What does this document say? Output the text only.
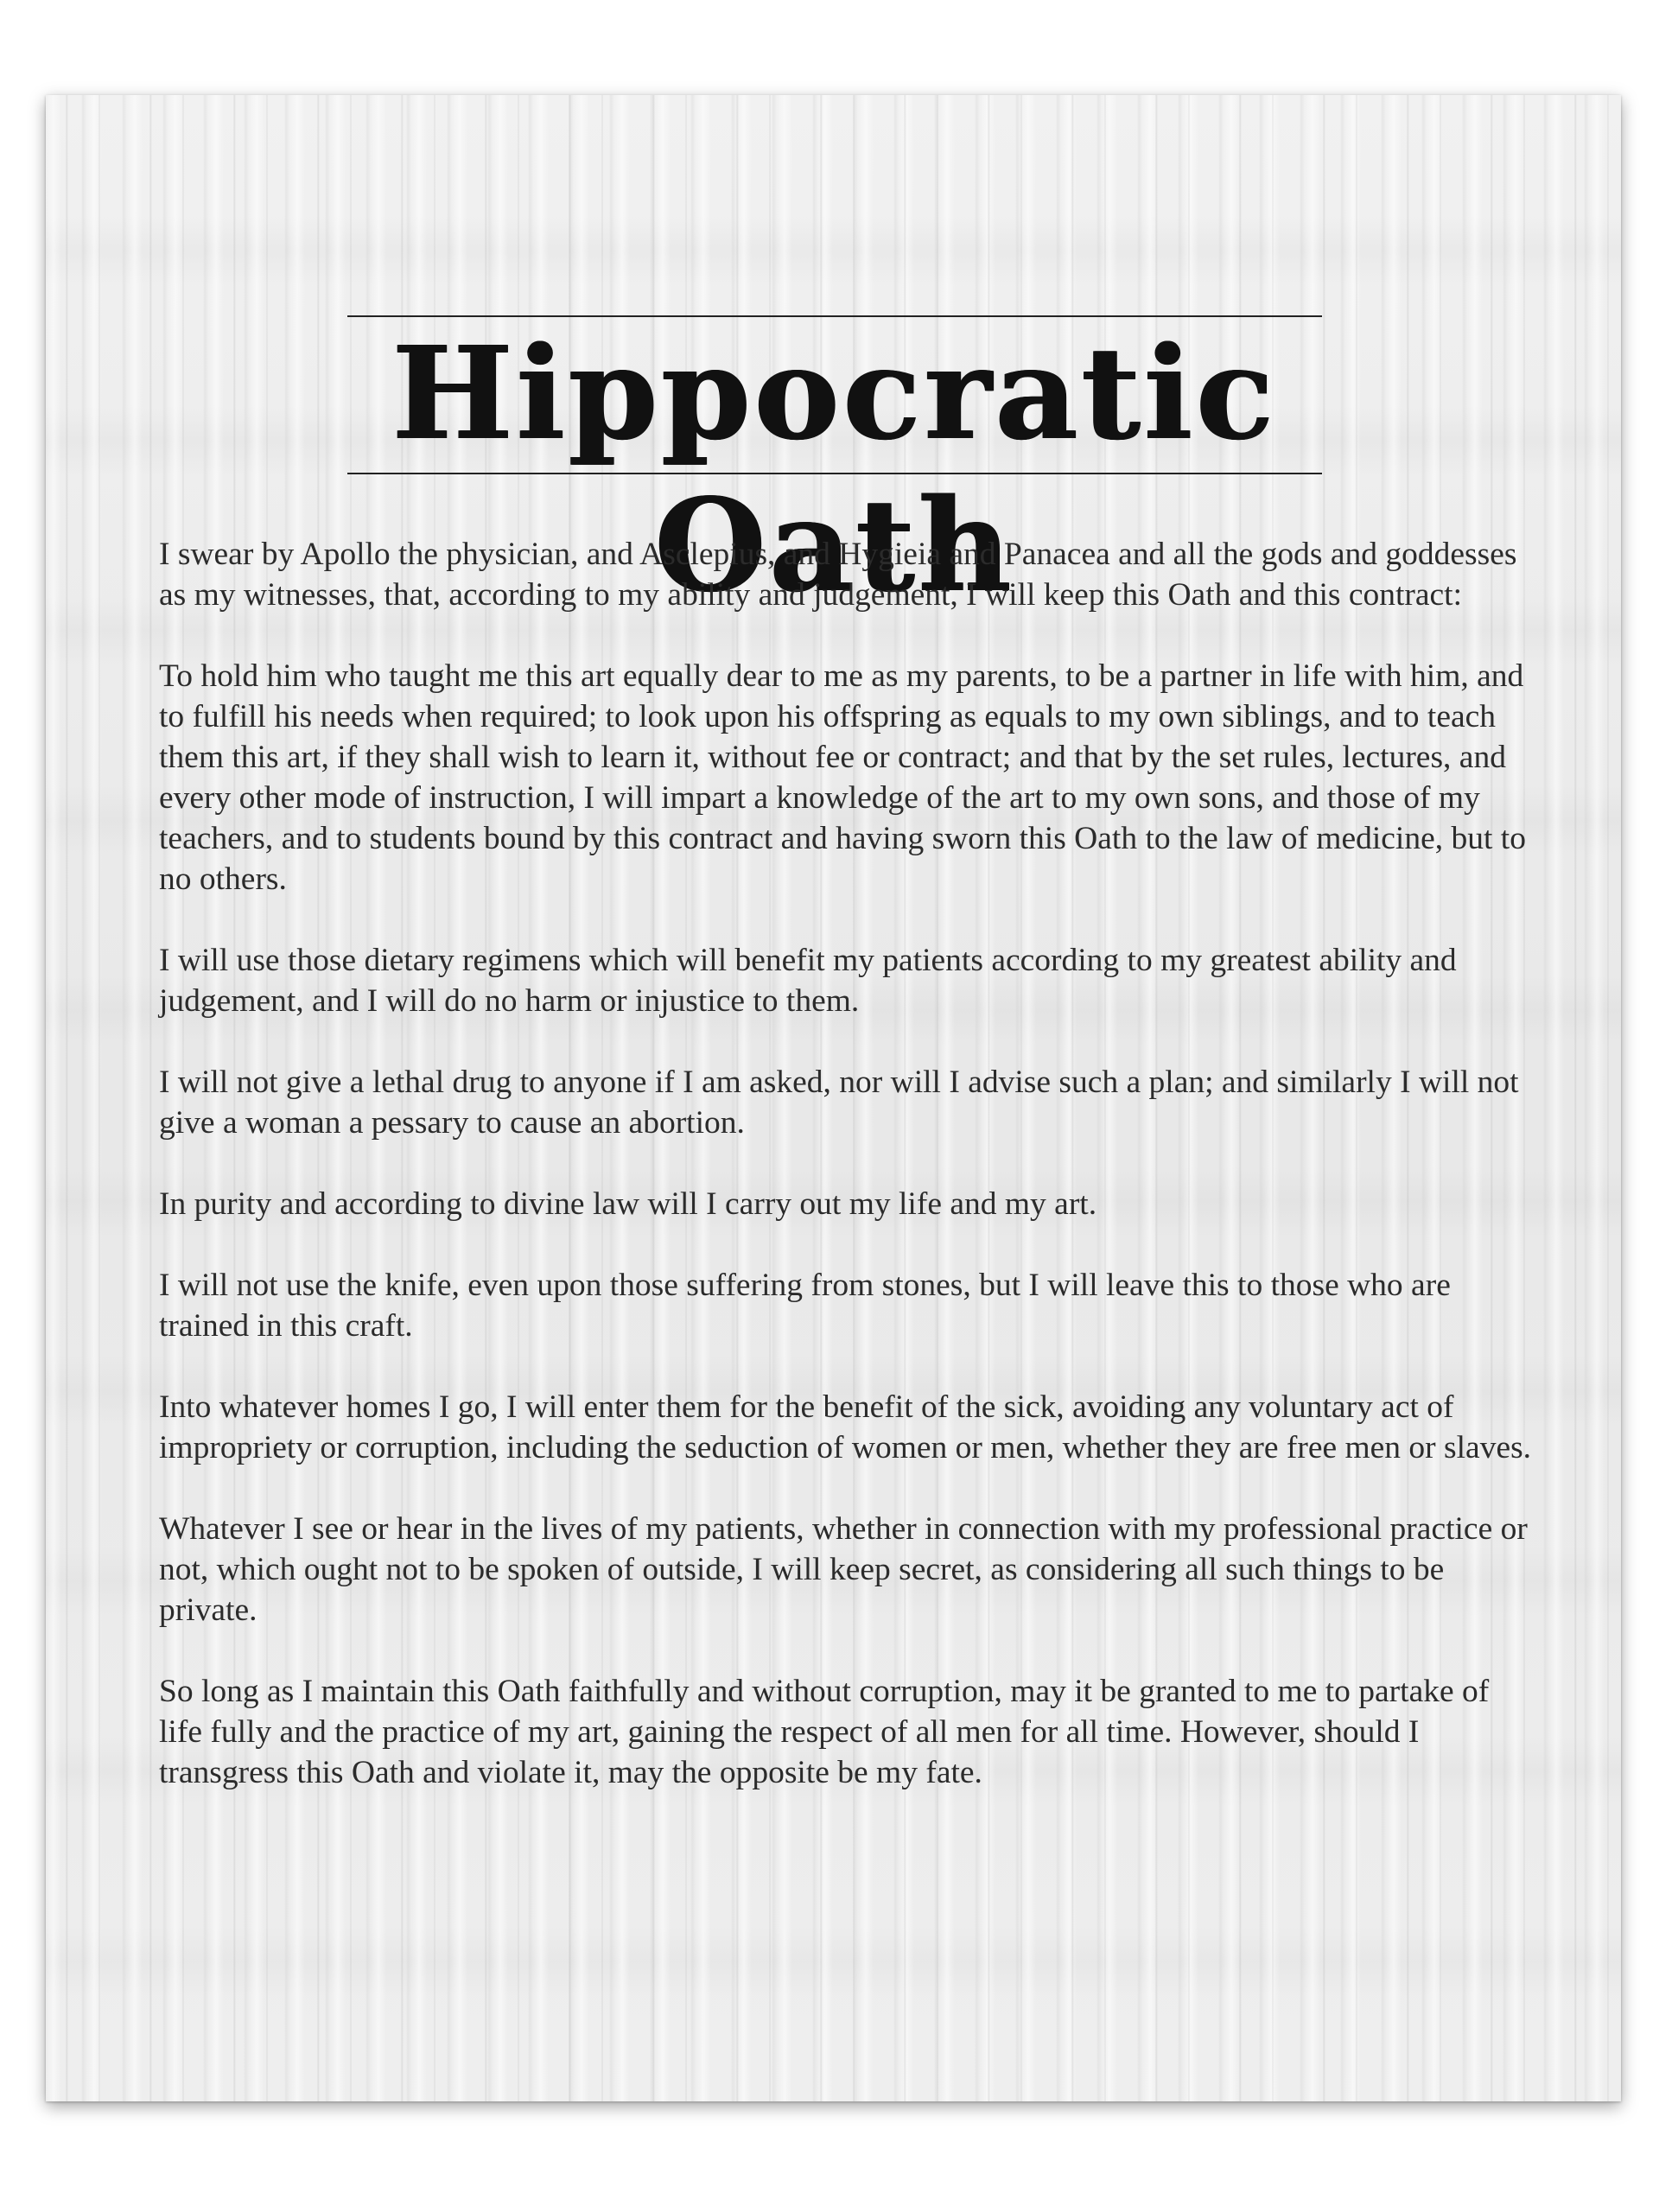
Hippocratic Oath

I swear by Apollo the physician, and Asclepius, and Hygieia and Panacea and all the gods and goddesses as my witnesses, that, according to my ability and judgement, I will keep this Oath and this contract:

To hold him who taught me this art equally dear to me as my parents, to be a partner in life with him, and to fulfill his needs when required; to look upon his offspring as equals to my own siblings, and to teach them this art, if they shall wish to learn it, without fee or contract; and that by the set rules, lectures, and every other mode of instruction, I will impart a knowledge of the art to my own sons, and those of my teachers, and to students bound by this contract and having sworn this Oath to the law of medicine, but to no others.

I will use those dietary regimens which will benefit my patients according to my greatest ability and judgement, and I will do no harm or injustice to them.

I will not give a lethal drug to anyone if I am asked, nor will I advise such a plan; and similarly I will not give a woman a pessary to cause an abortion.

In purity and according to divine law will I carry out my life and my art.

I will not use the knife, even upon those suffering from stones, but I will leave this to those who are trained in this craft.

Into whatever homes I go, I will enter them for the benefit of the sick, avoiding any voluntary act of impropriety or corruption, including the seduction of women or men, whether they are free men or slaves.

Whatever I see or hear in the lives of my patients, whether in connection with my professional practice or not, which ought not to be spoken of outside, I will keep secret, as considering all such things to be private.

So long as I maintain this Oath faithfully and without corruption, may it be granted to me to partake of life fully and the practice of my art, gaining the respect of all men for all time. However, should I transgress this Oath and violate it, may the opposite be my fate.
